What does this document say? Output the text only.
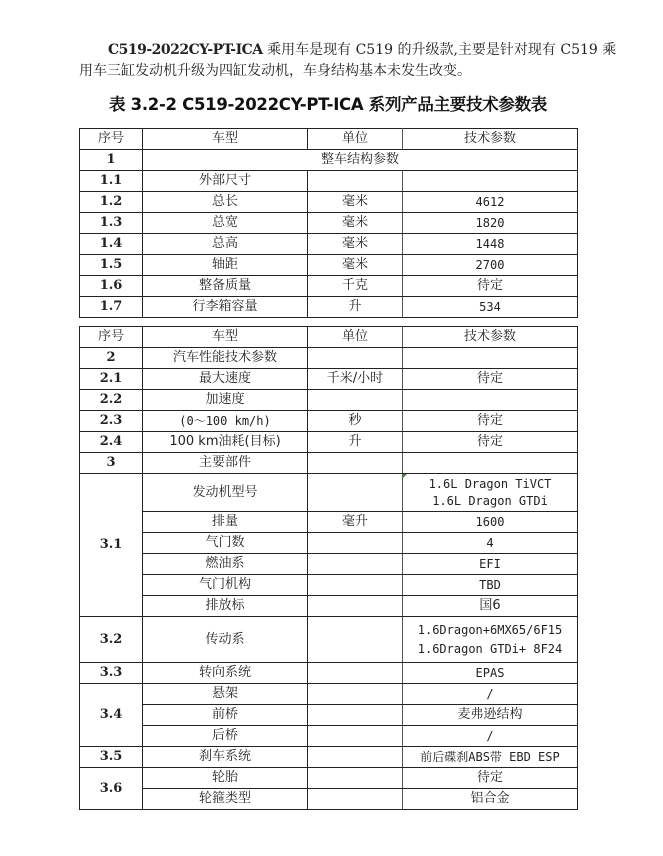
C519-2022CY-PT-ICA 乘用车是现有 C519 的升级款,主要是针对现有 C519 乘
用车三缸发动机升级为四缸发动机，车身结构基本未发生改变。
表 3.2-2 C519-2022CY-PT-ICA 系列产品主要技术参数表
序号	车型	单位	技术参数
1	整车结构参数		
1.1	外部尺寸		
1.2	总长	毫米	4612
1.3	总宽	毫米	1820
1.4	总高	毫米	1448
1.5	轴距	毫米	2700
1.6	整备质量	千克	待定
1.7	行李箱容量	升	534
序号	车型	单位	技术参数
2	汽车性能技术参数		
2.1	最大速度	千米/小时	待定
2.2	加速度		
2.3	(0～100 km/h)	秒	待定
2.4	100 km油耗(目标)	升	待定
3	主要部件		
3.1	发动机型号		1.6L Dragon TiVCT
1.6L Dragon GTDi

	排量	毫升	1600
	气门数		4
	燃油系		EFI
	气门机构		TBD
	排放标		国6
3.2	传动系		1.6Dragon+6MX65/6F15
1.6Dragon GTDi+ 8F24

3.3	转向系统		EPAS
3.4	悬架		/
	前桥		麦弗逊结构
	后桥		/
3.5	刹车系统		前后碟刹ABS带 EBD ESP
3.6	轮胎		待定
	轮箍类型		铝合金
